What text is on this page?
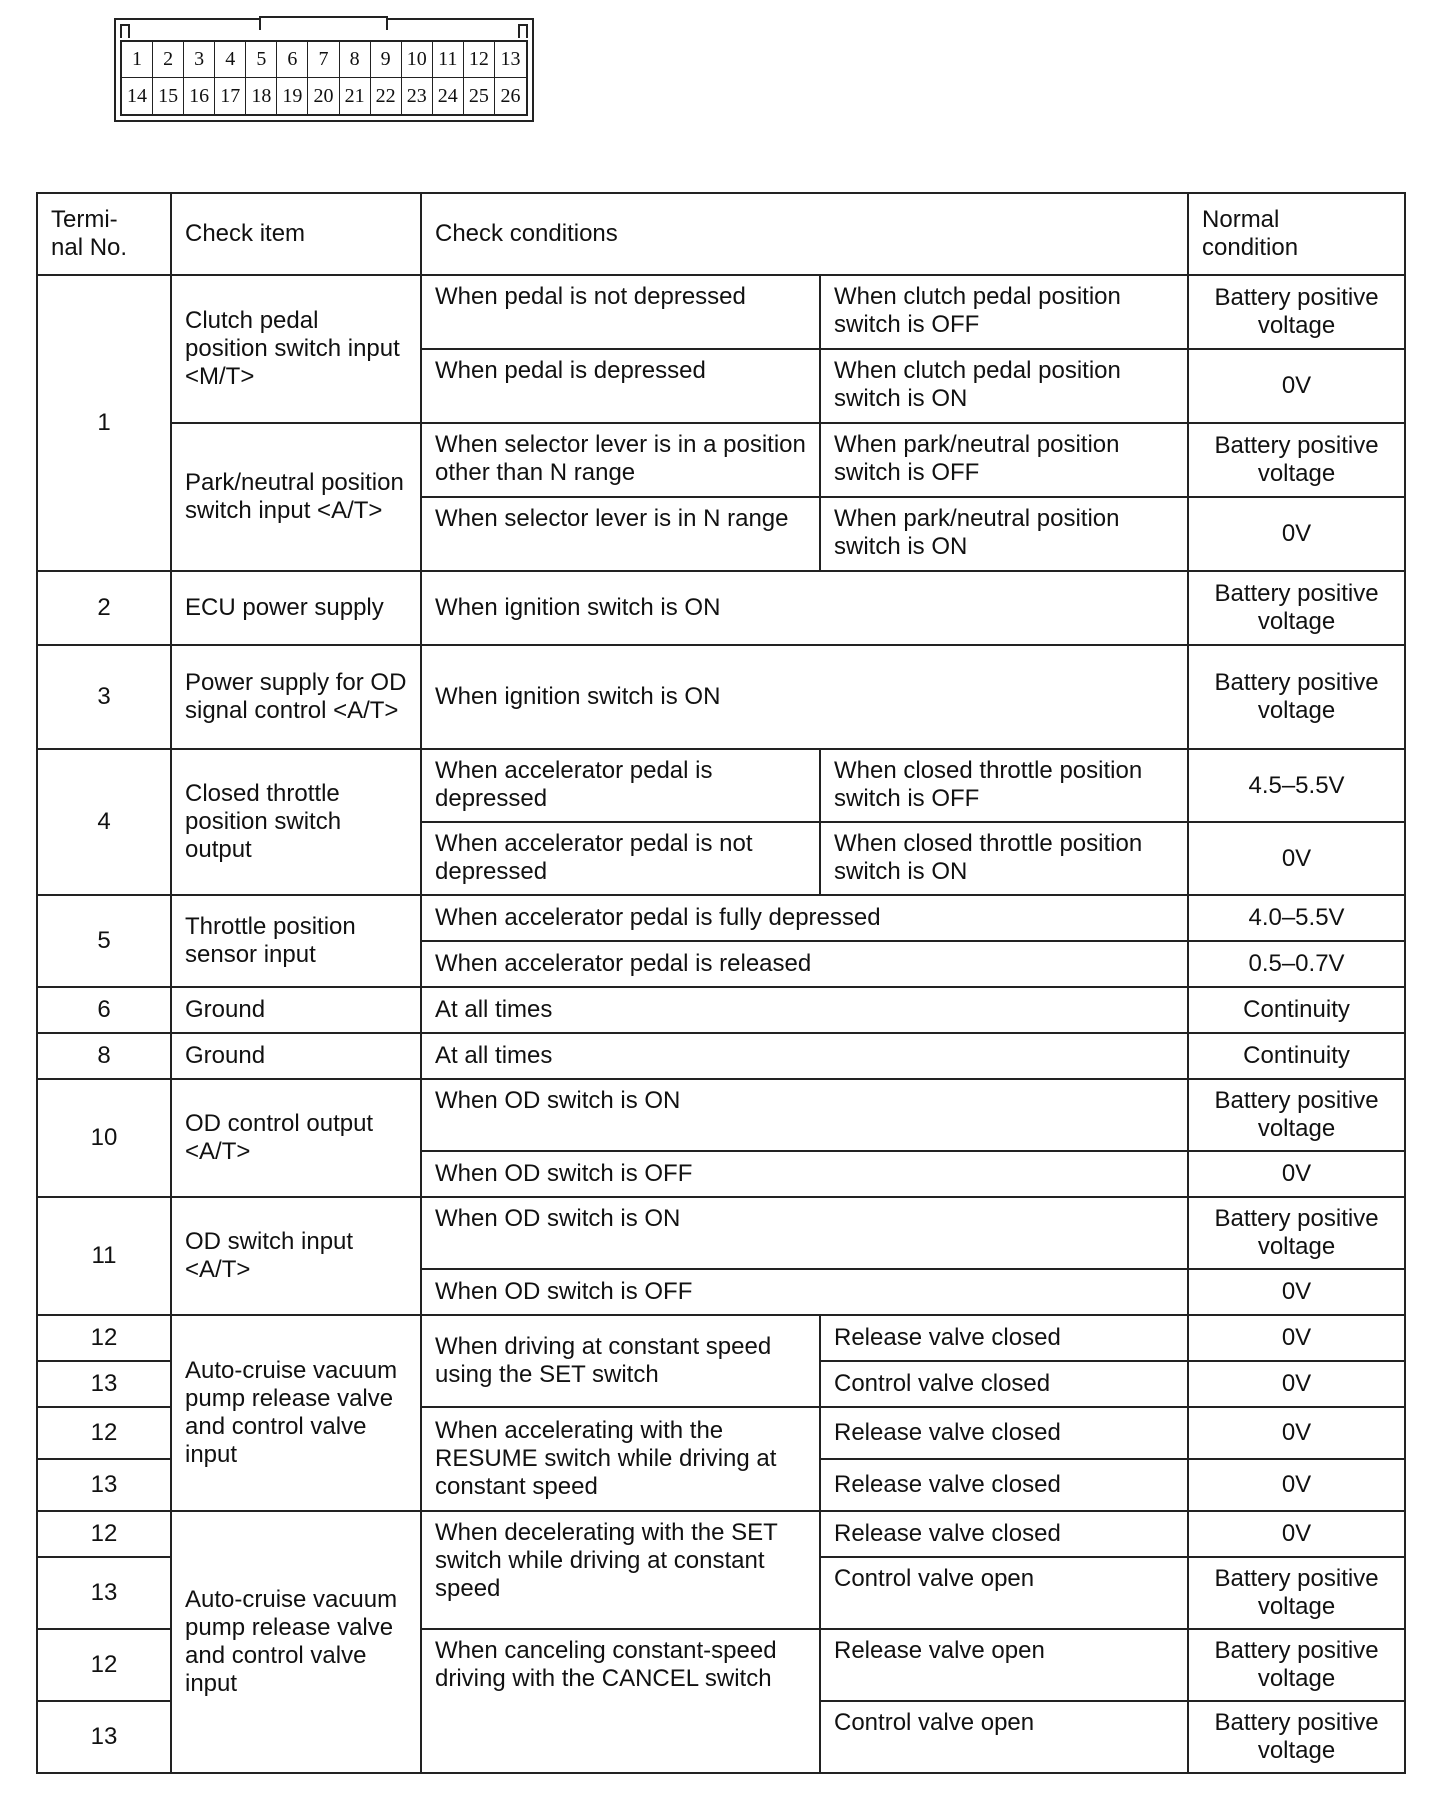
1	2	3	4	5	6	7	8	9 10 11 12 13
14 15 16 17 18 19 20 21 22 23 24 25 26
Termi-
nal No.	Check item	Check conditions		Normal
condition
1	Clutch pedal position switch input <M/T>	When pedal is not depressed	When clutch pedal position switch is OFF	Battery positive voltage
		When pedal is depressed	When clutch pedal position switch is ON	0V
	Park/neutral position switch input <A/T>	When selector lever is in a position other than N range	When park/neutral position switch is OFF	Battery positive voltage
		When selector lever is in N range	When park/neutral position switch is ON	0V
2	ECU power supply	When ignition switch is ON		Battery positive voltage
3	Power supply for OD signal control <A/T>	When ignition switch is ON		Battery positive voltage
4	Closed throttle position switch output	When accelerator pedal is depressed	When closed throttle position switch is OFF	4.5–5.5V
		When accelerator pedal is not depressed	When closed throttle position switch is ON	0V
5	Throttle position sensor input	When accelerator pedal is fully depressed		4.0–5.5V
		When accelerator pedal is released		0.5–0.7V
6	Ground	At all times		Continuity
8	Ground	At all times		Continuity
10	OD control output <A/T>	When OD switch is ON		Battery positive voltage
		When OD switch is OFF		0V
11	OD switch input <A/T>	When OD switch is ON		Battery positive voltage
		When OD switch is OFF		0V
12	Auto-cruise vacuum pump release valve and control valve input	When driving at constant speed using the SET switch	Release valve closed	0V
13			Control valve closed	0V
12		When accelerating with the RESUME switch while driving at constant speed	Release valve closed	0V
13			Release valve closed	0V
12	Auto-cruise vacuum pump release valve and control valve input	When decelerating with the SET switch while driving at constant speed	Release valve closed	0V
13			Control valve open	Battery positive voltage
12		When canceling constant-speed driving with the CANCEL switch	Release valve open	Battery positive voltage
13			Control valve open	Battery positive voltage
